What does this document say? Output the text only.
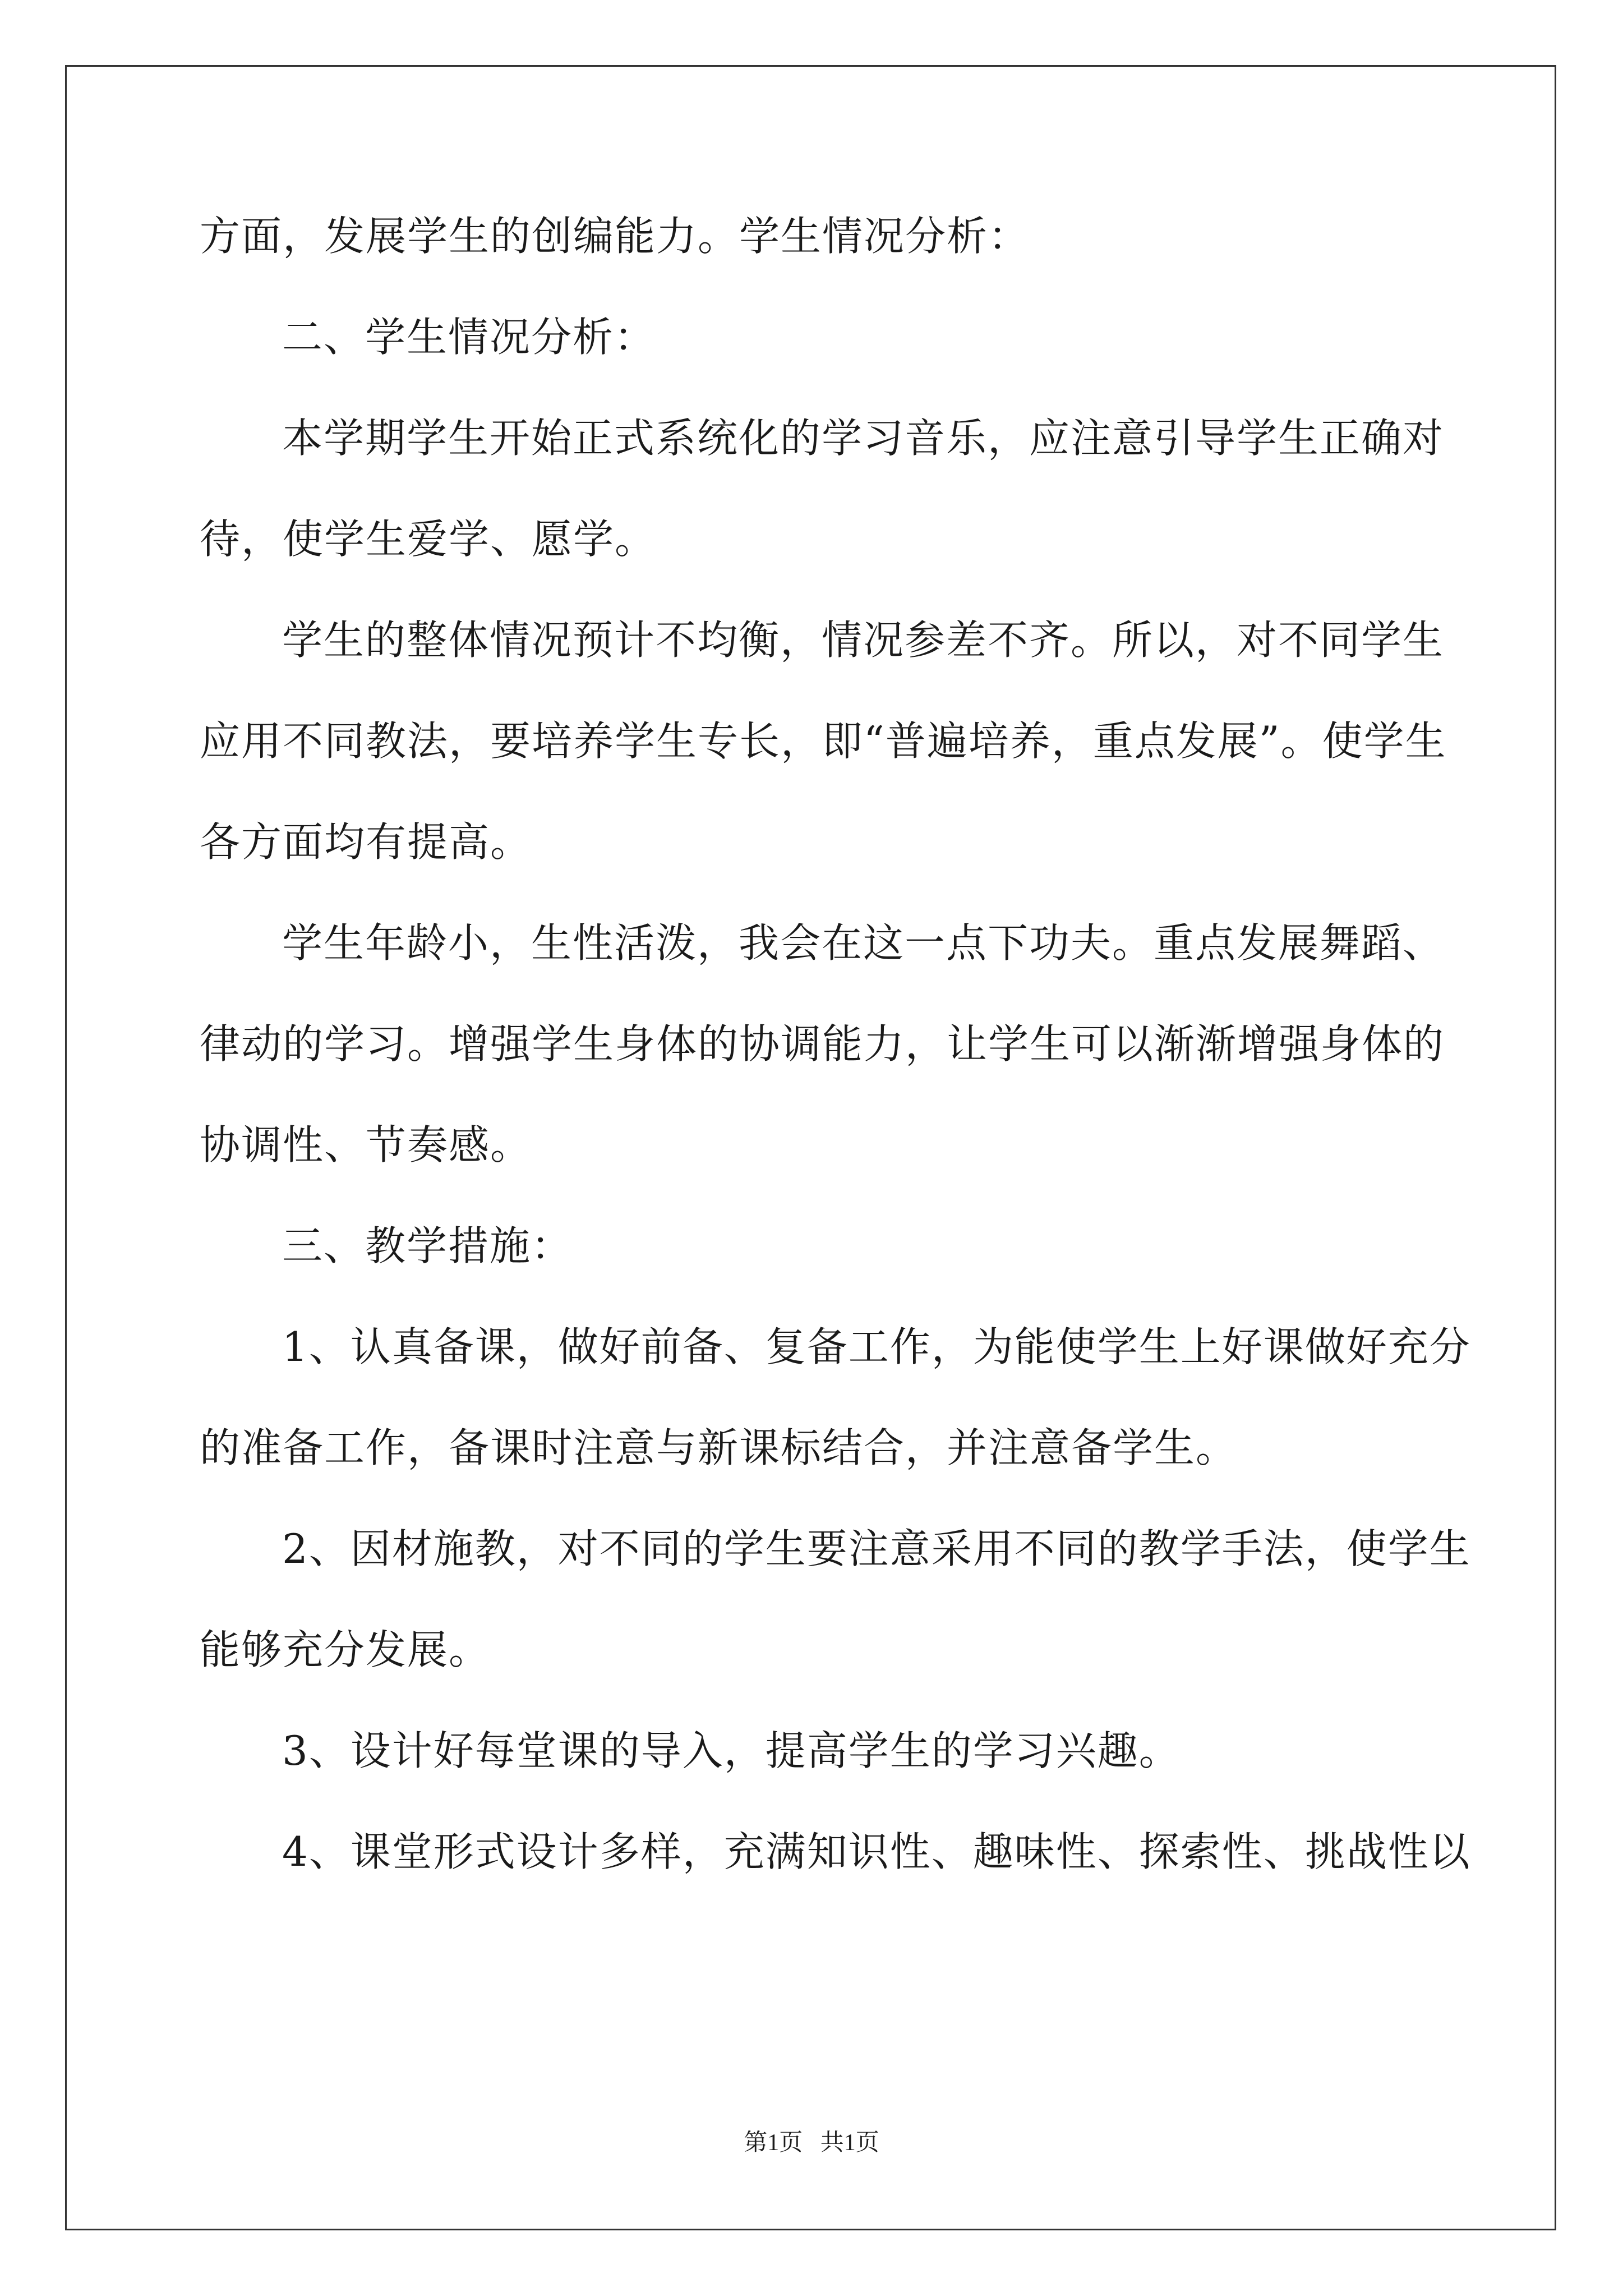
方面，发展学生的创编能力。学生情况分析：
二、学生情况分析：
本学期学生开始正式系统化的学习音乐，应注意引导学生正确对
待，使学生爱学、愿学。
学生的整体情况预计不均衡，情况参差不齐。所以，对不同学生
应用不同教法，要培养学生专长，即“普遍培养，重点发展”。使学生
各方面均有提高。
学生年龄小，生性活泼，我会在这一点下功夫。重点发展舞蹈、
律动的学习。增强学生身体的协调能力，让学生可以渐渐增强身体的
协调性、节奏感。
三、教学措施：
1、认真备课，做好前备、复备工作，为能使学生上好课做好充分
的准备工作，备课时注意与新课标结合，并注意备学生。
2、因材施教，对不同的学生要注意采用不同的教学手法，使学生
能够充分发展。
3、设计好每堂课的导入，提高学生的学习兴趣。
4、课堂形式设计多样，充满知识性、趣味性、探索性、挑战性以
第1页   共1页
